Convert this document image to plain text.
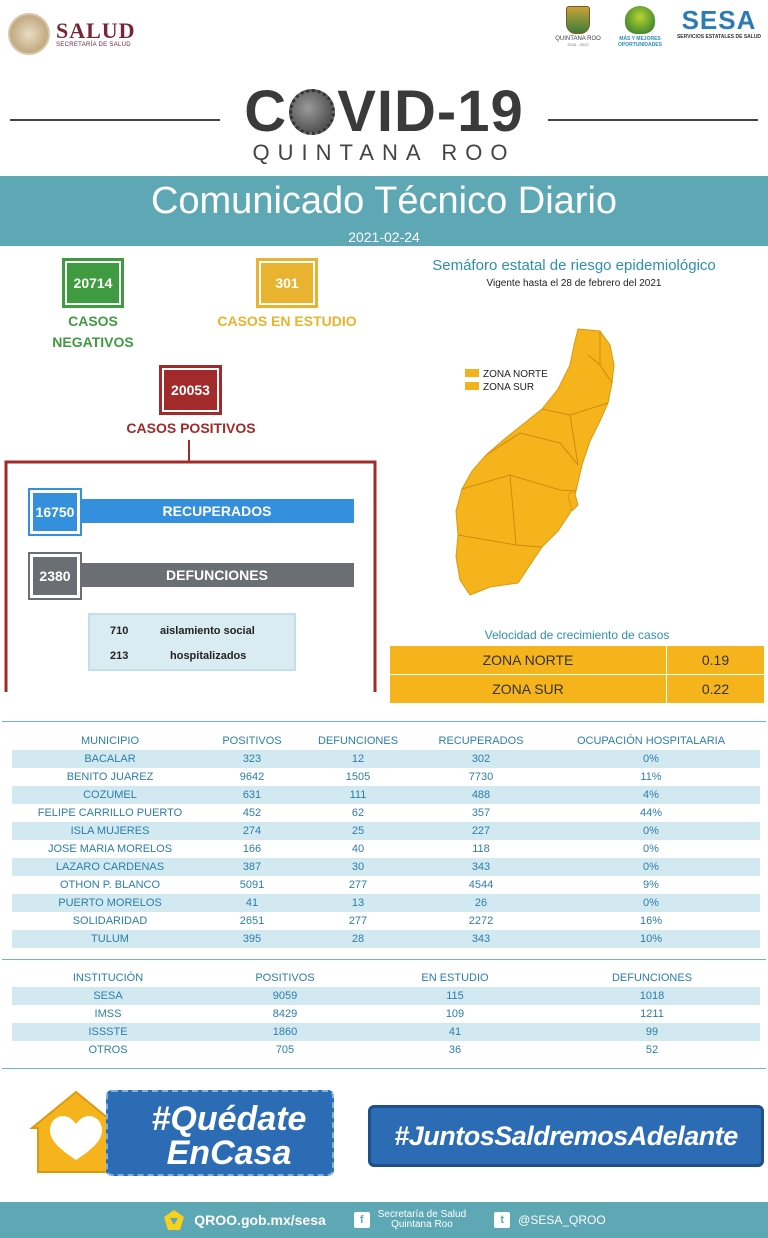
SALUD
SECRETARÍA DE SALUD
QUINTANA ROO
2016 - 2022
MÁS Y MEJORES OPORTUNIDADES
SESA
SERVICIOS ESTATALES DE SALUD
C VID-19
QUINTANA ROO
Comunicado Técnico Diario
2021-02-24
20714
CASOS
NEGATIVOS
301
CASOS EN ESTUDIO
20053
CASOS POSITIVOS
RECUPERADOS
16750
DEFUNCIONES
2380
710	aislamiento social
213	hospitalizados
Semáforo estatal de riesgo epidemiológico
Vigente hasta el 28 de febrero del 2021
ZONA NORTE
ZONA SUR
Velocidad de crecimiento de casos
ZONA NORTE	0.19
ZONA SUR	0.22
MUNICIPIO	POSITIVOS	DEFUNCIONES	RECUPERADOS	OCUPACIÓN HOSPITALARIA
BACALAR	323	12	302	0%
BENITO JUAREZ	9642	1505	7730	11%
COZUMEL	631	111	488	4%
FELIPE CARRILLO PUERTO	452	62	357	44%
ISLA MUJERES	274	25	227	0%
JOSE MARIA MORELOS	166	40	118	0%
LAZARO CARDENAS	387	30	343	0%
OTHON P. BLANCO	5091	277	4544	9%
PUERTO MORELOS	41	13	26	0%
SOLIDARIDAD	2651	277	2272	16%
TULUM	395	28	343	10%
INSTITUCIÓN	POSITIVOS	EN ESTUDIO	DEFUNCIONES
SESA	9059	115	1018
IMSS	8429	109	1211
ISSSTE	1860	41	99
OTROS	705	36	52
#Quédate
EnCasa	#JuntosSaldremosAdelante
QROO.gob.mx/sesa	f	Secretaría de Salud
Quintana Roo	t	@SESA_QROO
